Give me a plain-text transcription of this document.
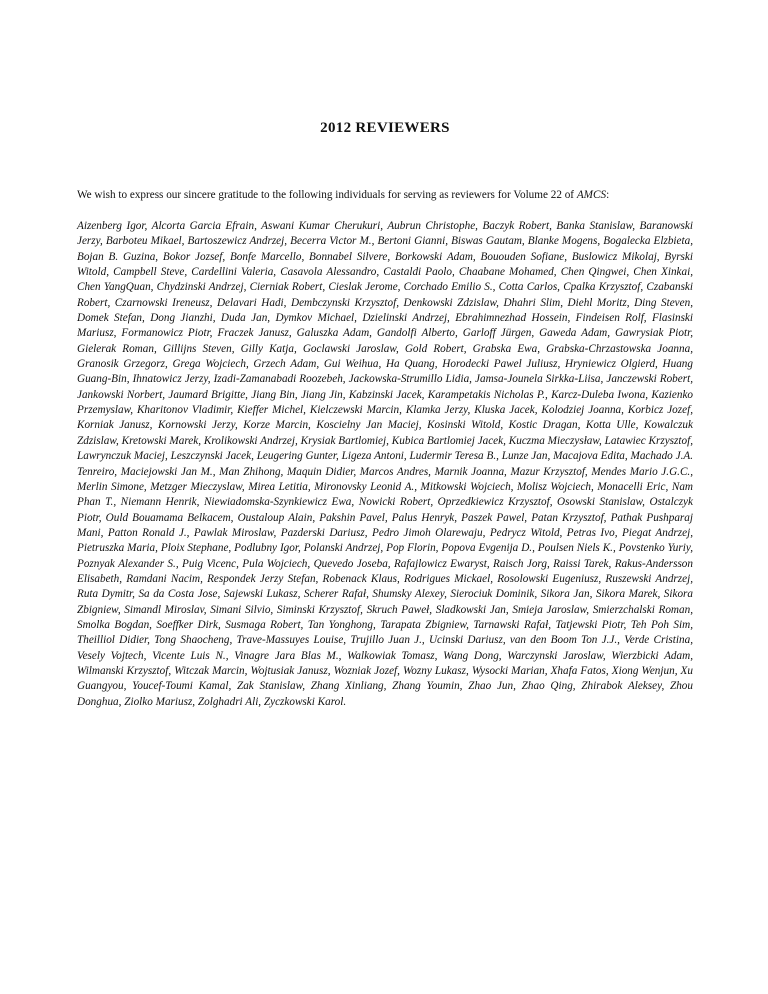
2012 REVIEWERS

We wish to express our sincere gratitude to the following individuals for serving as reviewers for Volume 22 of AMCS:

Aizenberg Igor, Alcorta Garcia Efrain, Aswani Kumar Cherukuri, Aubrun Christophe, Baczyk Robert, Banka Stanislaw, Baranowski Jerzy, Barboteu Mikael, Bartoszewicz Andrzej, Becerra Victor M., Bertoni Gianni, Biswas Gautam, Blanke Mogens, Bogalecka Elzbieta, Bojan B. Guzina, Bokor Jozsef, Bonfe Marcello, Bonnabel Silvere, Borkowski Adam, Bououden Sofiane, Buslowicz Mikolaj, Byrski Witold, Campbell Steve, Cardellini Valeria, Casavola Alessandro, Castaldi Paolo, Chaabane Mohamed, Chen Qingwei, Chen Xinkai, Chen YangQuan, Chydzinski Andrzej, Cierniak Robert, Cieslak Jerome, Corchado Emilio S., Cotta Carlos, Cpalka Krzysztof, Czabanski Robert, Czarnowski Ireneusz, Delavari Hadi, Dembczynski Krzysztof, Denkowski Zdzislaw, Dhahri Slim, Diehl Moritz, Ding Steven, Domek Stefan, Dong Jianzhi, Duda Jan, Dymkov Michael, Dzielinski Andrzej, Ebrahimnezhad Hossein, Findeisen Rolf, Flasinski Mariusz, Formanowicz Piotr, Fraczek Janusz, Galuszka Adam, Gandolfi Alberto, Garloff Jürgen, Gaweda Adam, Gawrysiak Piotr, Gielerak Roman, Gillijns Steven, Gilly Katja, Goclawski Jaroslaw, Gold Robert, Grabska Ewa, Grabska-Chrzastowska Joanna, Granosik Grzegorz, Grega Wojciech, Grzech Adam, Gui Weihua, Ha Quang, Horodecki Pawel Juliusz, Hryniewicz Olgierd, Huang Guang-Bin, Ihnatowicz Jerzy, Izadi-Zamanabadi Roozebeh, Jackowska-Strumillo Lidia, Jamsa-Jounela Sirkka-Liisa, Janczewski Robert, Jankowski Norbert, Jaumard Brigitte, Jiang Bin, Jiang Jin, Kabzinski Jacek, Karampetakis Nicholas P., Karcz-Duleba Iwona, Kazienko Przemyslaw, Kharitonov Vladimir, Kieffer Michel, Kielczewski Marcin, Klamka Jerzy, Kluska Jacek, Kolodziej Joanna, Korbicz Jozef, Korniak Janusz, Kornowski Jerzy, Korze Marcin, Koscielny Jan Maciej, Kosinski Witold, Kostic Dragan, Kotta Ulle, Kowalczuk Zdzislaw, Kretowski Marek, Krolikowski Andrzej, Krysiak Bartlomiej, Kubica Bartlomiej Jacek, Kuczma Mieczysław, Latawiec Krzysztof, Lawrynczuk Maciej, Leszczynski Jacek, Leugering Gunter, Ligeza Antoni, Ludermir Teresa B., Lunze Jan, Macajova Edita, Machado J.A. Tenreiro, Maciejowski Jan M., Man Zhihong, Maquin Didier, Marcos Andres, Marnik Joanna, Mazur Krzysztof, Mendes Mario J.G.C., Merlin Simone, Metzger Mieczyslaw, Mirea Letitia, Mironovsky Leonid A., Mitkowski Wojciech, Molisz Wojciech, Monacelli Eric, Nam Phan T., Niemann Henrik, Niewiadomska-Szynkiewicz Ewa, Nowicki Robert, Oprzedkiewicz Krzysztof, Osowski Stanislaw, Ostalczyk Piotr, Ould Bouamama Belkacem, Oustaloup Alain, Pakshin Pavel, Palus Henryk, Paszek Pawel, Patan Krzysztof, Pathak Pushparaj Mani, Patton Ronald J., Pawlak Miroslaw, Pazderski Dariusz, Pedro Jimoh Olarewaju, Pedrycz Witold, Petras Ivo, Piegat Andrzej, Pietruszka Maria, Ploix Stephane, Podlubny Igor, Polanski Andrzej, Pop Florin, Popova Evgenija D., Poulsen Niels K., Povstenko Yuriy, Poznyak Alexander S., Puig Vicenc, Pula Wojciech, Quevedo Joseba, Rafajlowicz Ewaryst, Raisch Jorg, Raissi Tarek, Rakus-Andersson Elisabeth, Ramdani Nacim, Respondek Jerzy Stefan, Robenack Klaus, Rodrigues Mickael, Rosolowski Eugeniusz, Ruszewski Andrzej, Ruta Dymitr, Sa da Costa Jose, Sajewski Lukasz, Scherer Rafał, Shumsky Alexey, Sierociuk Dominik, Sikora Jan, Sikora Marek, Sikora Zbigniew, Simandl Miroslav, Simani Silvio, Siminski Krzysztof, Skruch Paweł, Sladkowski Jan, Smieja Jaroslaw, Smierzchalski Roman, Smolka Bogdan, Soeffker Dirk, Susmaga Robert, Tan Yonghong, Tarapata Zbigniew, Tarnawski Rafał, Tatjewski Piotr, Teh Poh Sim, Theilliol Didier, Tong Shaocheng, Trave-Massuyes Louise, Trujillo Juan J., Ucinski Dariusz, van den Boom Ton J.J., Verde Cristina, Vesely Vojtech, Vicente Luis N., Vinagre Jara Blas M., Walkowiak Tomasz, Wang Dong, Warczynski Jaroslaw, Wierzbicki Adam, Wilmanski Krzysztof, Witczak Marcin, Wojtusiak Janusz, Wozniak Jozef, Wozny Lukasz, Wysocki Marian, Xhafa Fatos, Xiong Wenjun, Xu Guangyou, Youcef-Toumi Kamal, Zak Stanislaw, Zhang Xinliang, Zhang Youmin, Zhao Jun, Zhao Qing, Zhirabok Aleksey, Zhou Donghua, Ziolko Mariusz, Zolghadri Ali, Zyczkowski Karol.
